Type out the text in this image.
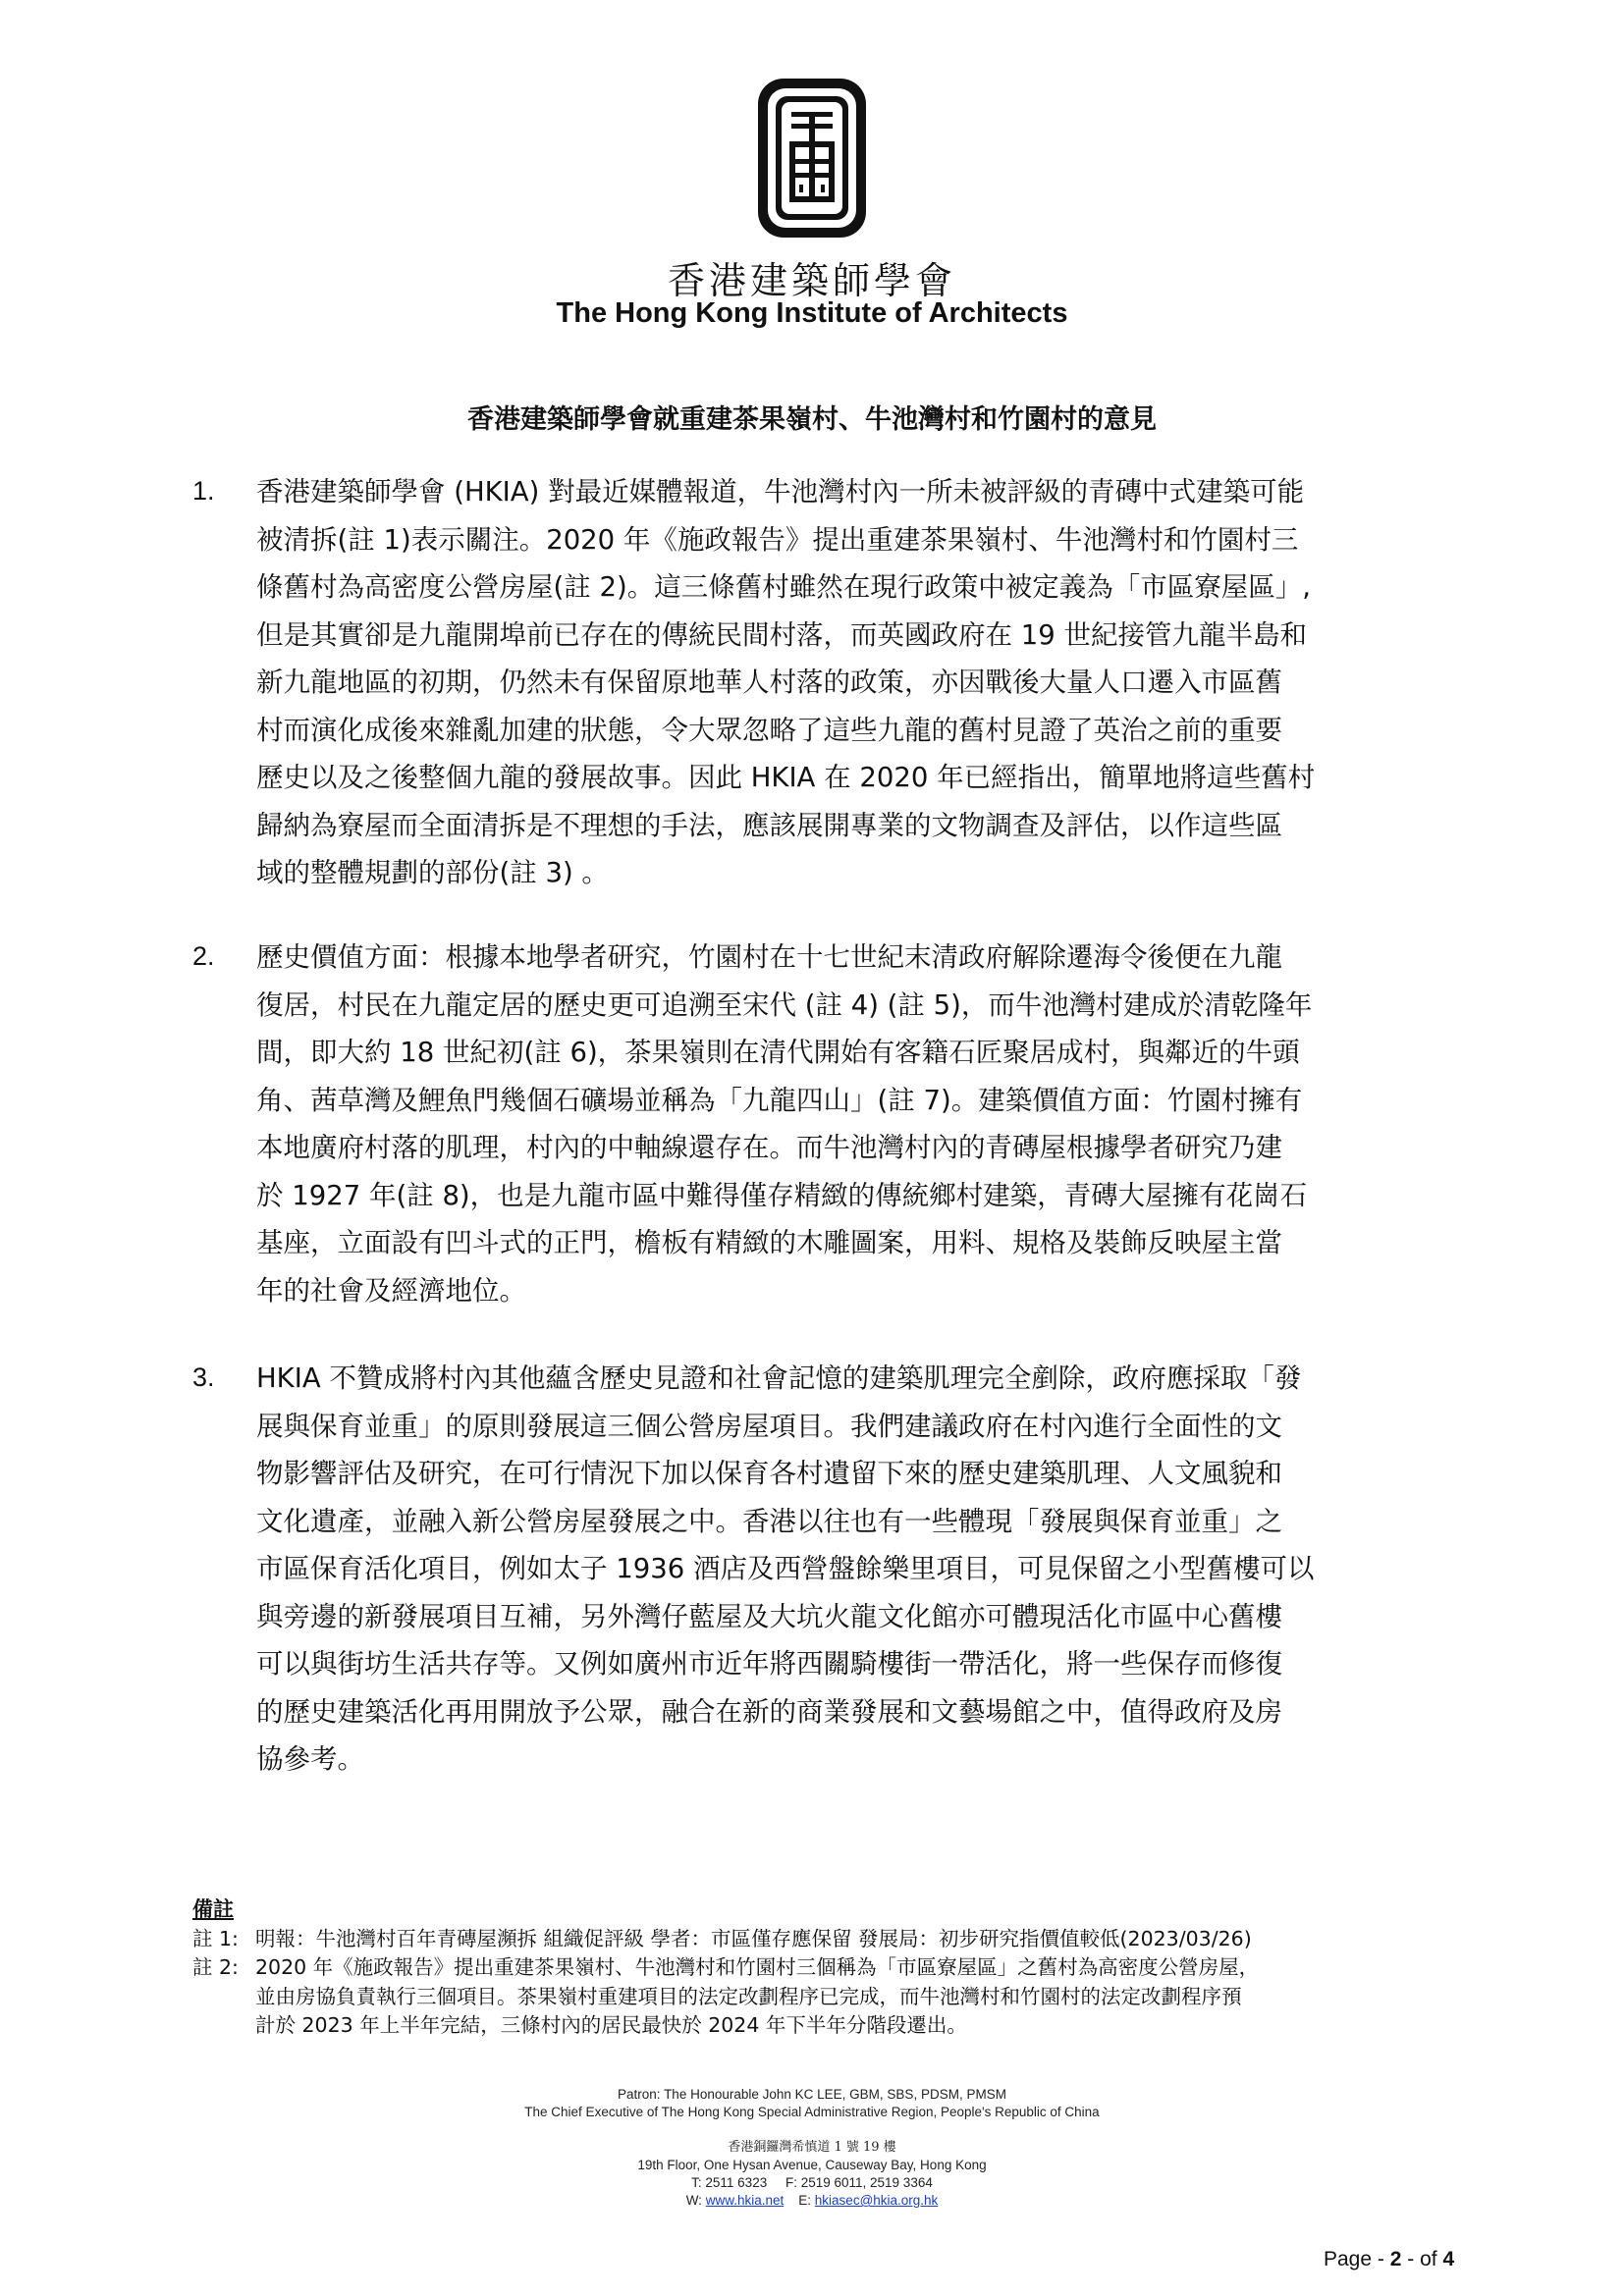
香港建築師學會
The Hong Kong Institute of Architects
香港建築師學會就重建茶果嶺村、牛池灣村和竹園村的意見
1. 香港建築師學會 (HKIA) 對最近媒體報道，牛池灣村內一所未被評級的青磚中式建築可能
被清拆(註 1)表示關注。2020 年《施政報告》提出重建茶果嶺村、牛池灣村和竹園村三
條舊村為高密度公營房屋(註 2)。這三條舊村雖然在現行政策中被定義為「市區寮屋區」,
但是其實卻是九龍開埠前已存在的傳統民間村落，而英國政府在 19 世紀接管九龍半島和
新九龍地區的初期，仍然未有保留原地華人村落的政策，亦因戰後大量人口遷入市區舊
村而演化成後來雜亂加建的狀態，令大眾忽略了這些九龍的舊村見證了英治之前的重要
歷史以及之後整個九龍的發展故事。因此 HKIA 在 2020 年已經指出，簡單地將這些舊村
歸納為寮屋而全面清拆是不理想的手法，應該展開專業的文物調查及評估，以作這些區
域的整體規劃的部份(註 3) 。
2. 歷史價值方面：根據本地學者研究，竹園村在十七世紀末清政府解除遷海令後便在九龍
復居，村民在九龍定居的歷史更可追溯至宋代 (註 4) (註 5)，而牛池灣村建成於清乾隆年
間，即大約 18 世紀初(註 6)，茶果嶺則在清代開始有客籍石匠聚居成村，與鄰近的牛頭
角、茜草灣及鯉魚門幾個石礦場並稱為「九龍四山」(註 7)。建築價值方面：竹園村擁有
本地廣府村落的肌理，村內的中軸線還存在。而牛池灣村內的青磚屋根據學者研究乃建
於 1927 年(註 8)，也是九龍市區中難得僅存精緻的傳統鄉村建築，青磚大屋擁有花崗石
基座，立面設有凹斗式的正門，檐板有精緻的木雕圖案，用料、規格及裝飾反映屋主當
年的社會及經濟地位。
3. HKIA 不贊成將村內其他蘊含歷史見證和社會記憶的建築肌理完全剷除，政府應採取「發
展與保育並重」的原則發展這三個公營房屋項目。我們建議政府在村內進行全面性的文
物影響評估及研究，在可行情況下加以保育各村遺留下來的歷史建築肌理、人文風貌和
文化遺產，並融入新公營房屋發展之中。香港以往也有一些體現「發展與保育並重」之
市區保育活化項目，例如太子 1936 酒店及西營盤餘樂里項目，可見保留之小型舊樓可以
與旁邊的新發展項目互補，另外灣仔藍屋及大坑火龍文化館亦可體現活化市區中心舊樓
可以與街坊生活共存等。又例如廣州市近年將西關騎樓街一帶活化，將一些保存而修復
的歷史建築活化再用開放予公眾，融合在新的商業發展和文藝場館之中，值得政府及房
協參考。
備註
註 1: 明報：牛池灣村百年青磚屋瀕拆 組織促評級 學者：市區僅存應保留 發展局：初步研究指價值較低(2023/03/26)
註 2: 2020 年《施政報告》提出重建茶果嶺村、牛池灣村和竹園村三個稱為「市區寮屋區」之舊村為高密度公營房屋，
並由房協負責執行三個項目。茶果嶺村重建項目的法定改劃程序已完成，而牛池灣村和竹園村的法定改劃程序預
計於 2023 年上半年完結，三條村內的居民最快於 2024 年下半年分階段遷出。
Patron: The Honourable John KC LEE, GBM, SBS, PDSM, PMSM
The Chief Executive of The Hong Kong Special Administrative Region, People's Republic of China
香港銅鑼灣希慎道 1 號 19 樓
19th Floor, One Hysan Avenue, Causeway Bay, Hong Kong
T: 2511 6323     F: 2519 6011, 2519 3364
W: www.hkia.net E: hkiasec@hkia.org.hk
Page - 2 - of 4
